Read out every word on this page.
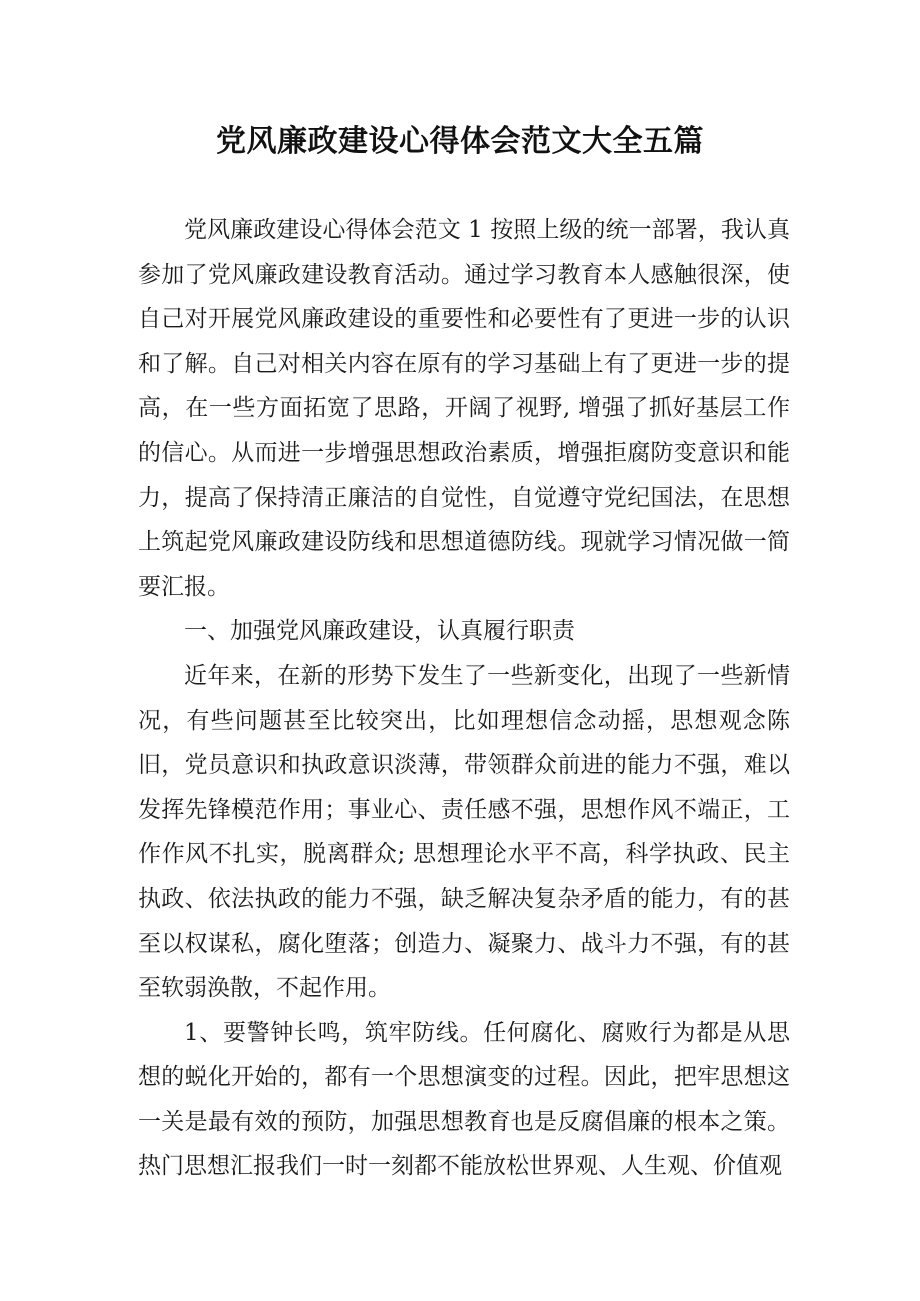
党风廉政建设心得体会范文大全五篇

党风廉政建设心得体会范文 1 按照上级的统一部署，我认真参加了党风廉政建设教育活动。通过学习教育本人感触很深，使自己对开展党风廉政建设的重要性和必要性有了更进一步的认识和了解。自己对相关内容在原有的学习基础上有了更进一步的提高，在一些方面拓宽了思路，开阔了视野, 增强了抓好基层工作的信心。从而进一步增强思想政治素质，增强拒腐防变意识和能力，提高了保持清正廉洁的自觉性，自觉遵守党纪国法，在思想上筑起党风廉政建设防线和思想道德防线。现就学习情况做一简要汇报。

一、加强党风廉政建设，认真履行职责

近年来，在新的形势下发生了一些新变化，出现了一些新情况，有些问题甚至比较突出，比如理想信念动摇，思想观念陈旧，党员意识和执政意识淡薄，带领群众前进的能力不强，难以发挥先锋模范作用；事业心、责任感不强，思想作风不端正，工作作风不扎实，脱离群众; 思想理论水平不高，科学执政、民主执政、依法执政的能力不强，缺乏解决复杂矛盾的能力，有的甚至以权谋私，腐化堕落；创造力、凝聚力、战斗力不强，有的甚至软弱涣散，不起作用。

1、要警钟长鸣，筑牢防线。任何腐化、腐败行为都是从思想的蜕化开始的，都有一个思想演变的过程。因此，把牢思想这一关是最有效的预防，加强思想教育也是反腐倡廉的根本之策。热门思想汇报我们一时一刻都不能放松世界观、人生观、价值观
